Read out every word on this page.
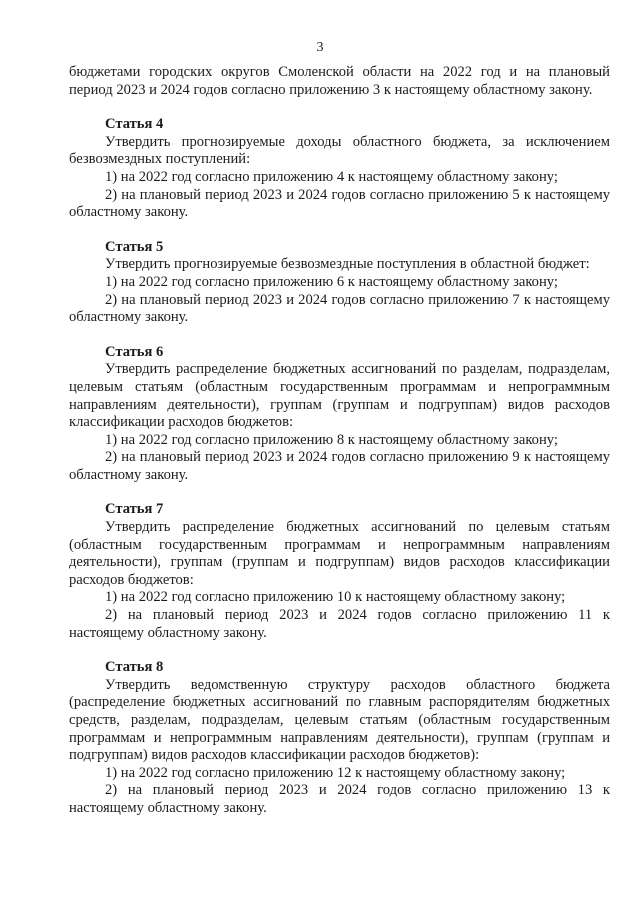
3

бюджетами городских округов Смоленской области на 2022 год и на плановый

период 2023 и 2024 годов согласно приложению 3 к настоящему областному закону.

Статья 4

Утвердить прогнозируемые доходы областного бюджета, за исключением безвозмездных поступлений:

1) на 2022 год согласно приложению 4 к настоящему областному закону;

2) на плановый период 2023 и 2024 годов согласно приложению 5 к настоящему областному закону.

Статья 5

Утвердить прогнозируемые безвозмездные поступления в областной бюджет:

1) на 2022 год согласно приложению 6 к настоящему областному закону;

2) на плановый период 2023 и 2024 годов согласно приложению 7 к настоящему областному закону.

Статья 6

Утвердить распределение бюджетных ассигнований по разделам, подразделам, целевым статьям (областным государственным программам и непрограммным направлениям деятельности), группам (группам и подгруппам) видов расходов классификации расходов бюджетов:

1) на 2022 год согласно приложению 8 к настоящему областному закону;

2) на плановый период 2023 и 2024 годов согласно приложению 9 к настоящему областному закону.

Статья 7

Утвердить распределение бюджетных ассигнований по целевым статьям (областным государственным программам и непрограммным направлениям деятельности), группам (группам и подгруппам) видов расходов классификации расходов бюджетов:

1) на 2022 год согласно приложению 10 к настоящему областному закону;

2) на плановый период 2023 и 2024 годов согласно приложению 11 к настоящему областному закону.

Статья 8

Утвердить ведомственную структуру расходов областного бюджета (распределение бюджетных ассигнований по главным распорядителям бюджетных средств, разделам, подразделам, целевым статьям (областным государственным программам и непрограммным направлениям деятельности), группам (группам и подгруппам) видов расходов классификации расходов бюджетов):

1) на 2022 год согласно приложению 12 к настоящему областному закону;

2) на плановый период 2023 и 2024 годов согласно приложению 13 к настоящему областному закону.
